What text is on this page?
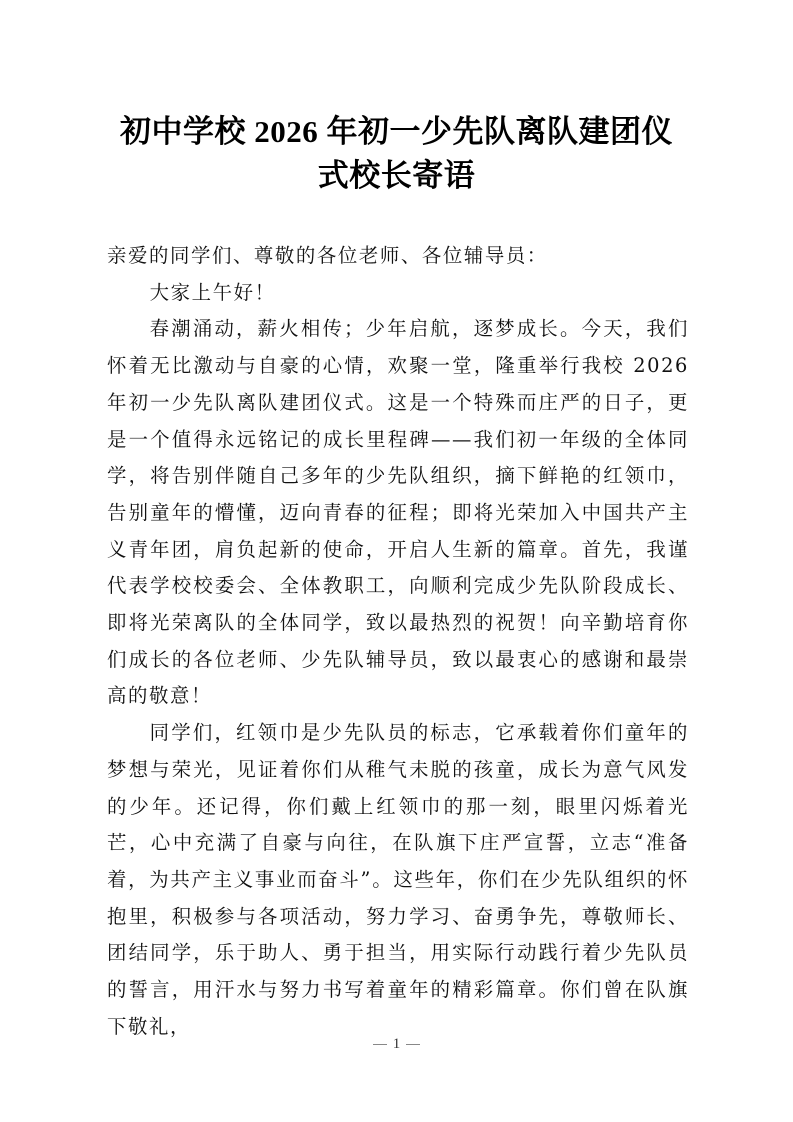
初中学校 2026 年初一少先队离队建团仪
式校长寄语

亲爱的同学们、尊敬的各位老师、各位辅导员：

大家上午好！

春潮涌动，薪火相传；少年启航，逐梦成长。今天，我们怀着无比激动与自豪的心情，欢聚一堂，隆重举行我校 2026 年初一少先队离队建团仪式。这是一个特殊而庄严的日子，更是一个值得永远铭记的成长里程碑——我们初一年级的全体同学，将告别伴随自己多年的少先队组织，摘下鲜艳的红领巾，告别童年的懵懂，迈向青春的征程；即将光荣加入中国共产主义青年团，肩负起新的使命，开启人生新的篇章。首先，我谨代表学校校委会、全体教职工，向顺利完成少先队阶段成长、即将光荣离队的全体同学，致以最热烈的祝贺！向辛勤培育你们成长的各位老师、少先队辅导员，致以最衷心的感谢和最崇高的敬意！

同学们，红领巾是少先队员的标志，它承载着你们童年的梦想与荣光，见证着你们从稚气未脱的孩童，成长为意气风发的少年。还记得，你们戴上红领巾的那一刻，眼里闪烁着光芒，心中充满了自豪与向往，在队旗下庄严宣誓，立志“准备着，为共产主义事业而奋斗”。这些年，你们在少先队组织的怀抱里，积极参与各项活动，努力学习、奋勇争先，尊敬师长、团结同学，乐于助人、勇于担当，用实际行动践行着少先队员的誓言，用汗水与努力书写着童年的精彩篇章。你们曾在队旗下敬礼，

1
